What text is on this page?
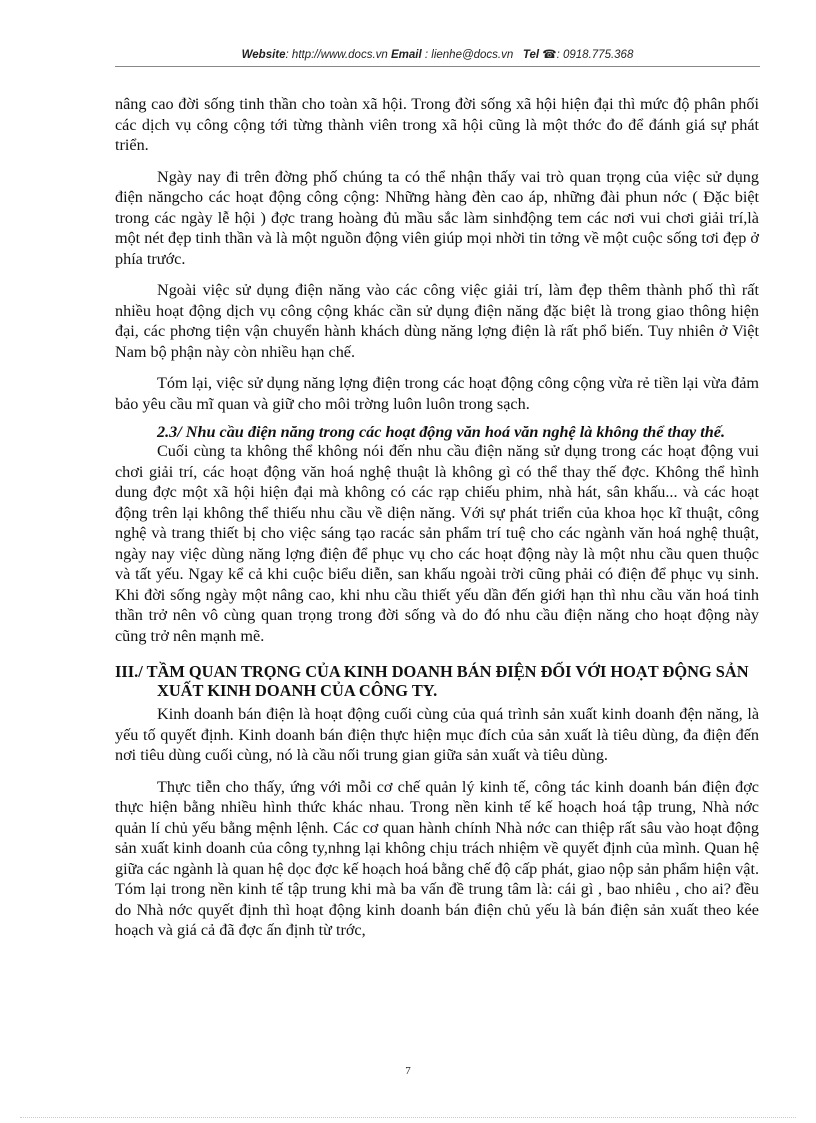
Website: http://www.docs.vn Email : lienhe@docs.vn Tel ☎: 0918.775.368

nâng cao đời sống tinh thần cho toàn xã hội. Trong đời sống xã hội hiện đại thì mức độ phân phối các dịch vụ công cộng tới từng thành viên trong xã hội cũng là một thớc đo để đánh giá sự phát triển.

Ngày nay đi trên đờng phố chúng ta có thể nhận thấy vai trò quan trọng của việc sử dụng điện năngcho các hoạt động công cộng: Những hàng đèn cao áp, những đài phun nớc ( Đặc biệt trong các ngày lễ hội ) đợc trang hoàng đủ mầu sắc làm sinhđộng tem các nơi vui chơi giải trí,là một nét đẹp tinh thần và là một nguồn động viên giúp mọi nhời tin tởng về một cuộc sống tơi đẹp ở phía trước.

Ngoài việc sử dụng điện năng vào các công việc giải trí, làm đẹp thêm thành phố thì rất nhiều hoạt động dịch vụ công cộng khác cần sử dụng điện năng đặc biệt là trong giao thông hiện đại, các phơng tiện vận chuyển hành khách dùng năng lợng điện là rất phổ biến. Tuy nhiên ở Việt Nam bộ phận này còn nhiều hạn chế.

Tóm lại, việc sử dụng năng lợng điện trong các hoạt động công cộng vừa rẻ tiền lại vừa đảm bảo yêu cầu mĩ quan và giữ cho môi trờng luôn luôn trong sạch.

2.3/ Nhu cầu điện năng trong các hoạt động văn hoá văn nghệ là không thể thay thế.

Cuối cùng ta không thể không nói đến nhu cầu điện năng sử dụng trong các hoạt động vui chơi giải trí, các hoạt động văn hoá nghệ thuật là không gì có thể thay thế đợc. Không thể hình dung đợc một xã hội hiện đại mà không có các rạp chiếu phim, nhà hát, sân khấu... và các hoạt động trên lại không thể thiếu nhu cầu về diện năng. Với sự phát triển của khoa học kĩ thuật, công nghệ và trang thiết bị cho việc sáng tạo racác sản phẩm trí tuệ cho các ngành văn hoá nghệ thuật, ngày nay việc dùng năng lợng điện để phục vụ cho các hoạt động này là một nhu cầu quen thuộc và tất yếu. Ngay kể cả khi cuộc biểu diễn, san khấu ngoài trời cũng phải có điện để phục vụ sinh. Khi đời sống ngày một nâng cao, khi nhu cầu thiết yếu dần đến giới hạn thì nhu cầu văn hoá tinh thần trở nên vô cùng quan trọng trong đời sống và do đó nhu cầu điện năng cho hoạt động này cũng trở nên mạnh mẽ.

III./ TẦM QUAN TRỌNG CỦA KINH DOANH BÁN ĐIỆN ĐỐI VỚI HOẠT ĐỘNG SẢN XUẤT KINH DOANH CỦA CÔNG TY.

Kinh doanh bán điện là hoạt động cuối cùng của quá trình sản xuất kinh doanh đện năng, là yếu tố quyết định. Kinh doanh bán điện thực hiện mục đích của sản xuất là tiêu dùng, đa điện đến nơi tiêu dùng cuối cùng, nó là cầu nối trung gian giữa sản xuất và tiêu dùng.

Thực tiễn cho thấy, ứng với mỗi cơ chế quản lý kinh tế, công tác kinh doanh bán điện đợc thực hiện bằng nhiều hình thức khác nhau. Trong nền kinh tế kế hoạch hoá tập trung, Nhà nớc quản lí chủ yếu bằng mệnh lệnh. Các cơ quan hành chính Nhà nớc can thiệp rất sâu vào hoạt động sản xuất kinh doanh của công ty,nhng lại không chịu trách nhiệm về quyết định của mình. Quan hệ giữa các ngành là quan hệ dọc đợc kế hoạch hoá bằng chế độ cấp phát, giao nộp sản phẩm hiện vật. Tóm lại trong nền kinh tế tập trung khi mà ba vấn đề trung tâm là: cái gì , bao nhiêu , cho ai? đều do Nhà nớc quyết định thì hoạt động kinh doanh bán điện chủ yếu là bán điện sản xuất theo kée hoạch và giá cả đã đợc ấn định từ trớc,

7
